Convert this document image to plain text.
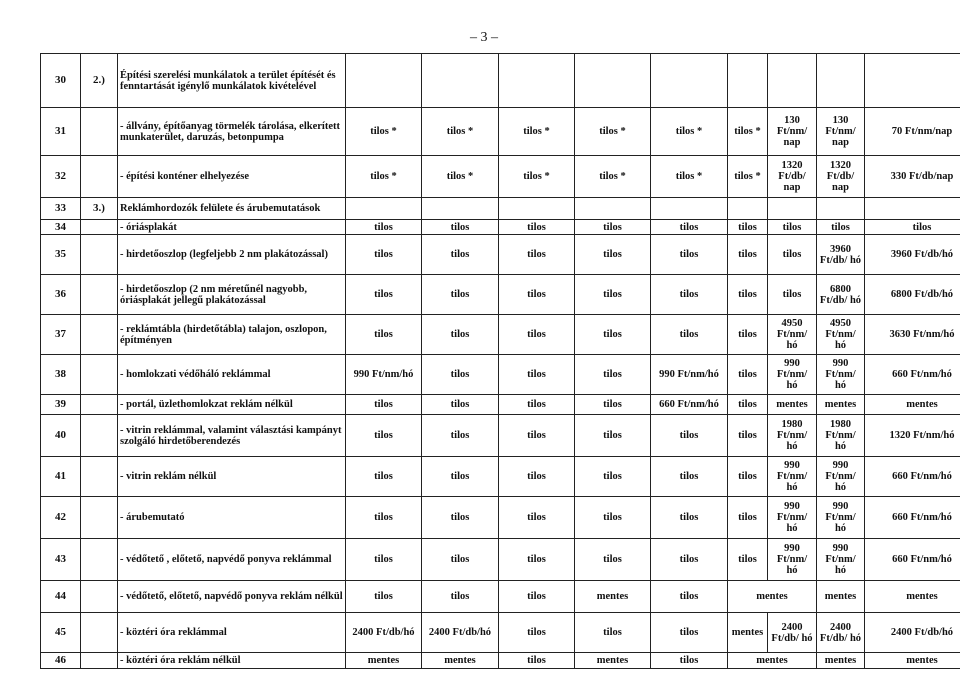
– 3 –
30	2.)	Építési szerelési munkálatok a terület építését és fenntartását igénylő munkálatok kivételével									
31		- állvány, építőanyag törmelék tárolása, elkerített munkaterület, daruzás, betonpumpa	tilos *	tilos *	tilos *	tilos *	tilos *	tilos *	130 Ft/nm/ nap	130 Ft/nm/ nap	70 Ft/nm/nap
32		- építési konténer elhelyezése	tilos *	tilos *	tilos *	tilos *	tilos *	tilos *	1320 Ft/db/ nap	1320 Ft/db/ nap	330 Ft/db/nap
33	3.)	Reklámhordozók felülete és árubemutatások									
34		- óriásplakát	tilos	tilos	tilos	tilos	tilos	tilos	tilos	tilos	tilos
35		- hirdetőoszlop (legfeljebb 2 nm plakátozással)	tilos	tilos	tilos	tilos	tilos	tilos	tilos	3960 Ft/db/ hó	3960 Ft/db/hó
36		- hirdetőoszlop (2 nm méretűnél nagyobb, óriásplakát jellegű plakátozással	tilos	tilos	tilos	tilos	tilos	tilos	tilos	6800 Ft/db/ hó	6800 Ft/db/hó
37		- reklámtábla (hirdetőtábla) talajon, oszlopon, építményen	tilos	tilos	tilos	tilos	tilos	tilos	4950 Ft/nm/ hó	4950 Ft/nm/ hó	3630 Ft/nm/hó
38		- homlokzati védőháló reklámmal	990 Ft/nm/hó	tilos	tilos	tilos	990 Ft/nm/hó	tilos	990 Ft/nm/ hó	990 Ft/nm/ hó	660 Ft/nm/hó
39		- portál, üzlethomlokzat reklám nélkül	tilos	tilos	tilos	tilos	660 Ft/nm/hó	tilos	mentes	mentes	mentes
40		- vitrin reklámmal, valamint választási kampányt szolgáló hirdetőberendezés	tilos	tilos	tilos	tilos	tilos	tilos	1980 Ft/nm/ hó	1980 Ft/nm/ hó	1320 Ft/nm/hó
41		- vitrin reklám nélkül	tilos	tilos	tilos	tilos	tilos	tilos	990 Ft/nm/ hó	990 Ft/nm/ hó	660 Ft/nm/hó
42		- árubemutató	tilos	tilos	tilos	tilos	tilos	tilos	990 Ft/nm/ hó	990 Ft/nm/ hó	660 Ft/nm/hó
43		- védőtető , előtető, napvédő ponyva reklámmal	tilos	tilos	tilos	tilos	tilos	tilos	990 Ft/nm/ hó	990 Ft/nm/ hó	660 Ft/nm/hó
44		- védőtető, előtető, napvédő ponyva reklám nélkül	tilos	tilos	tilos	mentes	tilos	mentes		mentes	mentes
45		- köztéri óra reklámmal	2400 Ft/db/hó	2400 Ft/db/hó	tilos	tilos	tilos	mentes	2400 Ft/db/ hó	2400 Ft/db/ hó	2400 Ft/db/hó
46		- köztéri óra reklám nélkül	mentes	mentes	tilos	mentes	tilos	mentes		mentes	mentes
